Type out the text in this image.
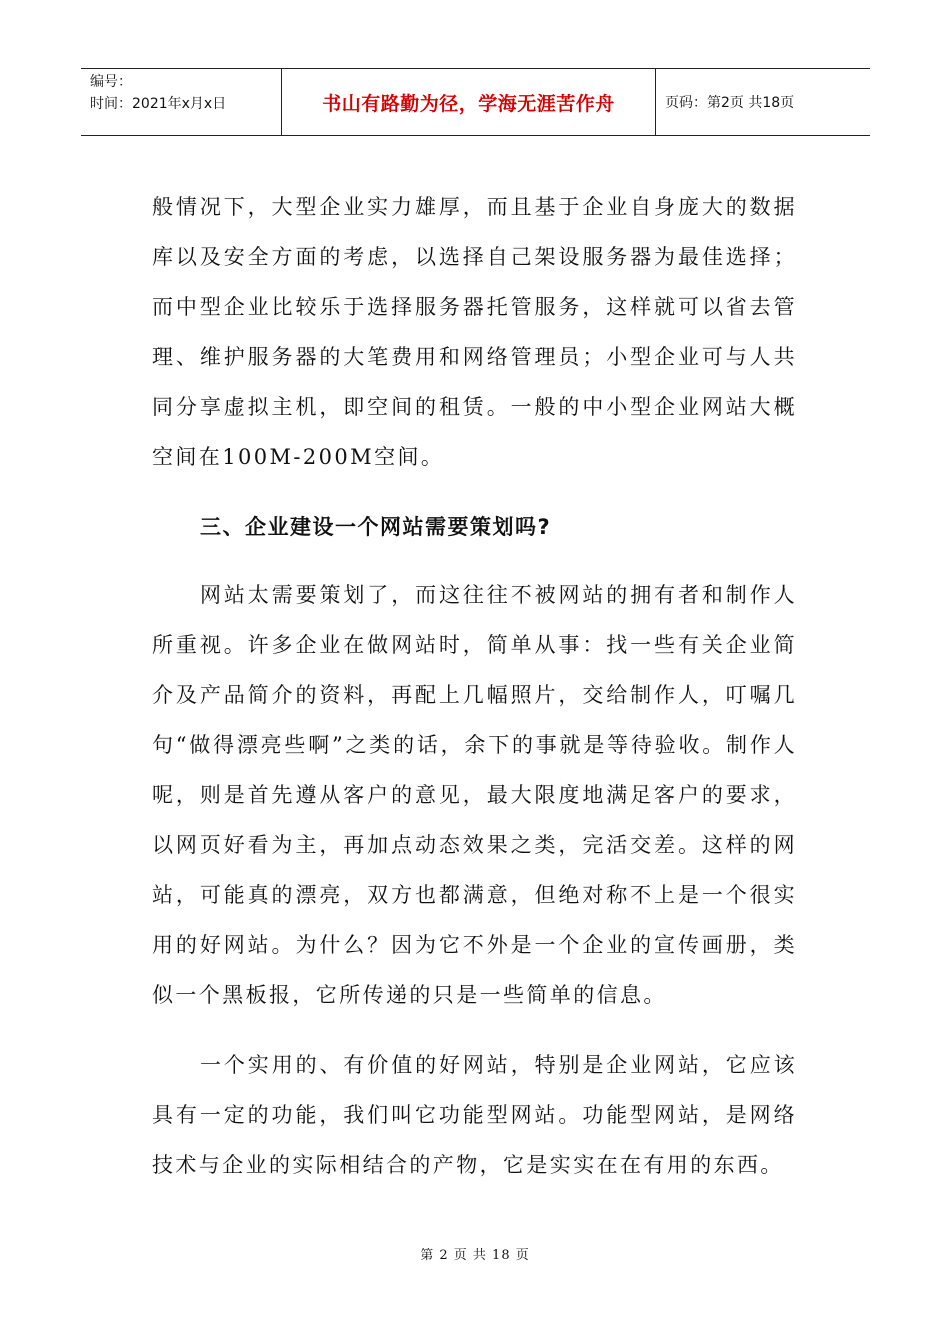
编号：
时间：2021年x月x日	书山有路勤为径，学海无涯苦作舟	页码：第2页 共18页

般情况下，大型企业实力雄厚，而且基于企业自身庞大的数据库以及安全方面的考虑，以选择自己架设服务器为最佳选择；而中型企业比较乐于选择服务器托管服务，这样就可以省去管理、维护服务器的大笔费用和网络管理员；小型企业可与人共同分享虚拟主机，即空间的租赁。一般的中小型企业网站大概空间在100M-200M空间。

三、企业建设一个网站需要策划吗?

网站太需要策划了，而这往往不被网站的拥有者和制作人所重视。许多企业在做网站时，简单从事：找一些有关企业简介及产品简介的资料，再配上几幅照片，交给制作人，叮嘱几句“做得漂亮些啊”之类的话，余下的事就是等待验收。制作人呢，则是首先遵从客户的意见，最大限度地满足客户的要求，以网页好看为主，再加点动态效果之类，完活交差。这样的网站，可能真的漂亮，双方也都满意，但绝对称不上是一个很实用的好网站。为什么？因为它不外是一个企业的宣传画册，类似一个黑板报，它所传递的只是一些简单的信息。

一个实用的、有价值的好网站，特别是企业网站，它应该具有一定的功能，我们叫它功能型网站。功能型网站，是网络技术与企业的实际相结合的产物，它是实实在在有用的东西。

第 2 页 共 18 页
